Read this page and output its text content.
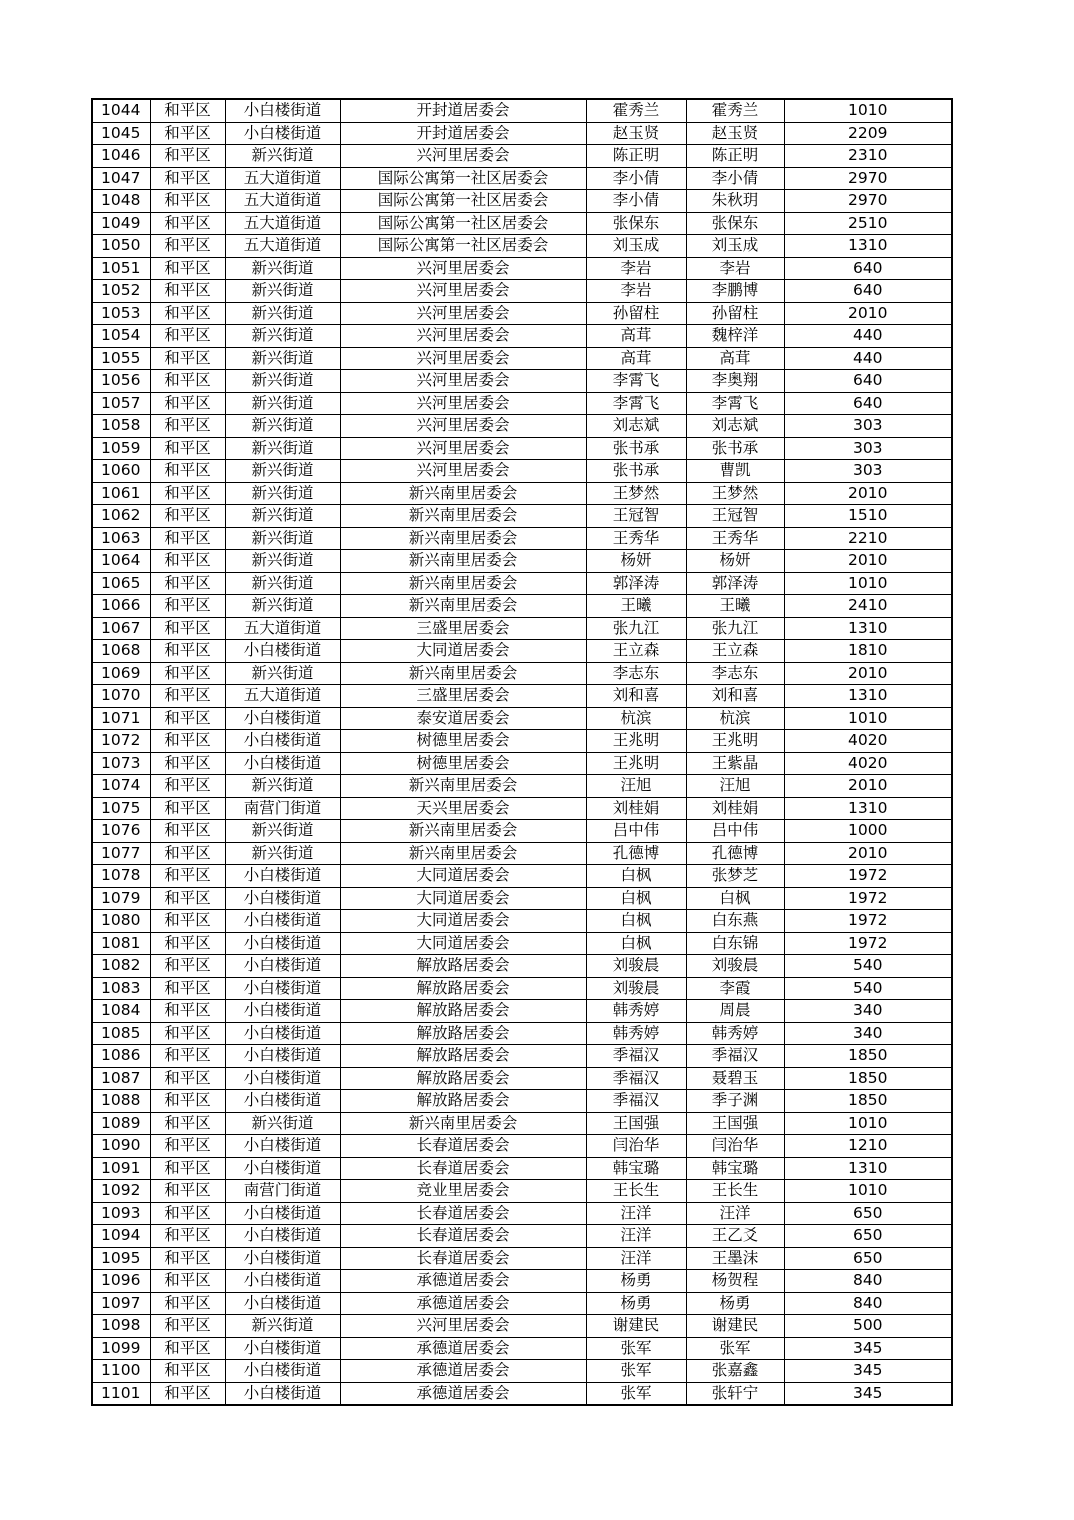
1044	和平区	小白楼街道	开封道居委会	霍秀兰	霍秀兰	1010
1045	和平区	小白楼街道	开封道居委会	赵玉贤	赵玉贤	2209
1046	和平区	新兴街道	兴河里居委会	陈正明	陈正明	2310
1047	和平区	五大道街道	国际公寓第一社区居委会	李小倩	李小倩	2970
1048	和平区	五大道街道	国际公寓第一社区居委会	李小倩	朱秋玥	2970
1049	和平区	五大道街道	国际公寓第一社区居委会	张保东	张保东	2510
1050	和平区	五大道街道	国际公寓第一社区居委会	刘玉成	刘玉成	1310
1051	和平区	新兴街道	兴河里居委会	李岩	李岩	640
1052	和平区	新兴街道	兴河里居委会	李岩	李鹏博	640
1053	和平区	新兴街道	兴河里居委会	孙留柱	孙留柱	2010
1054	和平区	新兴街道	兴河里居委会	高茸	魏梓洋	440
1055	和平区	新兴街道	兴河里居委会	高茸	高茸	440
1056	和平区	新兴街道	兴河里居委会	李霄飞	李奥翔	640
1057	和平区	新兴街道	兴河里居委会	李霄飞	李霄飞	640
1058	和平区	新兴街道	兴河里居委会	刘志斌	刘志斌	303
1059	和平区	新兴街道	兴河里居委会	张书承	张书承	303
1060	和平区	新兴街道	兴河里居委会	张书承	曹凯	303
1061	和平区	新兴街道	新兴南里居委会	王梦然	王梦然	2010
1062	和平区	新兴街道	新兴南里居委会	王冠智	王冠智	1510
1063	和平区	新兴街道	新兴南里居委会	王秀华	王秀华	2210
1064	和平区	新兴街道	新兴南里居委会	杨妍	杨妍	2010
1065	和平区	新兴街道	新兴南里居委会	郭泽涛	郭泽涛	1010
1066	和平区	新兴街道	新兴南里居委会	王曦	王曦	2410
1067	和平区	五大道街道	三盛里居委会	张九江	张九江	1310
1068	和平区	小白楼街道	大同道居委会	王立森	王立森	1810
1069	和平区	新兴街道	新兴南里居委会	李志东	李志东	2010
1070	和平区	五大道街道	三盛里居委会	刘和喜	刘和喜	1310
1071	和平区	小白楼街道	泰安道居委会	杭滨	杭滨	1010
1072	和平区	小白楼街道	树德里居委会	王兆明	王兆明	4020
1073	和平区	小白楼街道	树德里居委会	王兆明	王紫晶	4020
1074	和平区	新兴街道	新兴南里居委会	汪旭	汪旭	2010
1075	和平区	南营门街道	天兴里居委会	刘桂娟	刘桂娟	1310
1076	和平区	新兴街道	新兴南里居委会	吕中伟	吕中伟	1000
1077	和平区	新兴街道	新兴南里居委会	孔德博	孔德博	2010
1078	和平区	小白楼街道	大同道居委会	白枫	张梦芝	1972
1079	和平区	小白楼街道	大同道居委会	白枫	白枫	1972
1080	和平区	小白楼街道	大同道居委会	白枫	白东燕	1972
1081	和平区	小白楼街道	大同道居委会	白枫	白东锦	1972
1082	和平区	小白楼街道	解放路居委会	刘骏晨	刘骏晨	540
1083	和平区	小白楼街道	解放路居委会	刘骏晨	李霞	540
1084	和平区	小白楼街道	解放路居委会	韩秀婷	周晨	340
1085	和平区	小白楼街道	解放路居委会	韩秀婷	韩秀婷	340
1086	和平区	小白楼街道	解放路居委会	季福汉	季福汉	1850
1087	和平区	小白楼街道	解放路居委会	季福汉	聂碧玉	1850
1088	和平区	小白楼街道	解放路居委会	季福汉	季子渊	1850
1089	和平区	新兴街道	新兴南里居委会	王国强	王国强	1010
1090	和平区	小白楼街道	长春道居委会	闫治华	闫治华	1210
1091	和平区	小白楼街道	长春道居委会	韩宝璐	韩宝璐	1310
1092	和平区	南营门街道	竞业里居委会	王长生	王长生	1010
1093	和平区	小白楼街道	长春道居委会	汪洋	汪洋	650
1094	和平区	小白楼街道	长春道居委会	汪洋	王乙爻	650
1095	和平区	小白楼街道	长春道居委会	汪洋	王墨沫	650
1096	和平区	小白楼街道	承德道居委会	杨勇	杨贺程	840
1097	和平区	小白楼街道	承德道居委会	杨勇	杨勇	840
1098	和平区	新兴街道	兴河里居委会	谢建民	谢建民	500
1099	和平区	小白楼街道	承德道居委会	张军	张军	345
1100	和平区	小白楼街道	承德道居委会	张军	张嘉鑫	345
1101	和平区	小白楼街道	承德道居委会	张军	张轩宁	345
